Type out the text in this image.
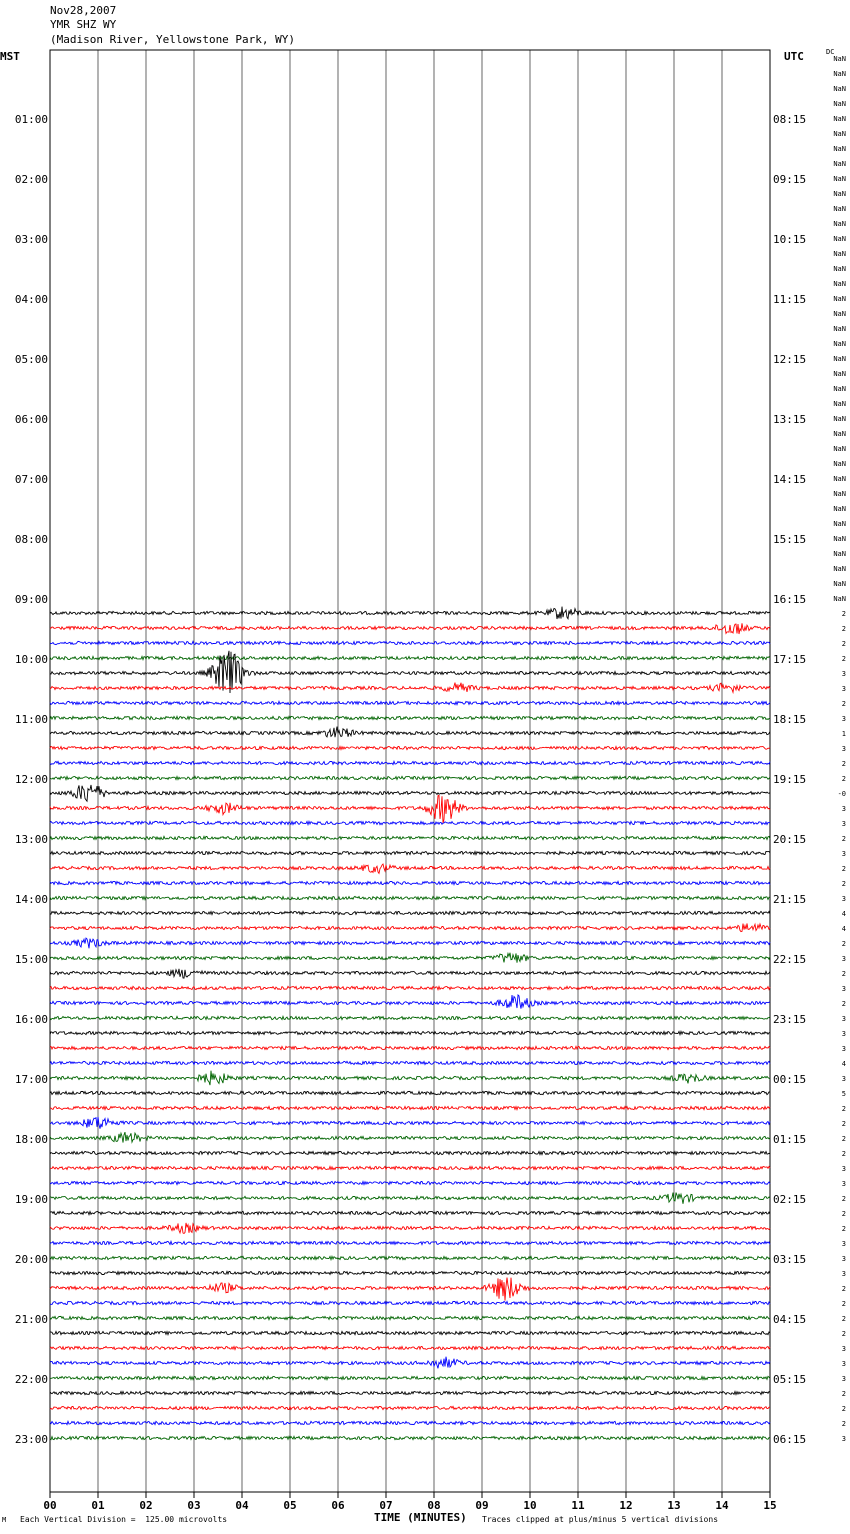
Nov28,2007
YMR SHZ WY
(Madison River, Yellowstone Park, WY)
MST	UTC	DC
00	01	02	03	04	05	06	07	08	09	10	11	12	13	14	15
01:00
02:00
03:00
04:00
05:00
06:00
07:00
08:00
09:00
10:00
11:00
12:00
13:00
14:00
15:00
16:00
17:00
18:00
19:00
20:00
21:00
22:00
23:00
08:15
09:15
10:15
11:15
12:15
13:15
14:15
15:15
16:15
17:15
18:15
19:15
20:15
21:15
22:15
23:15
00:15
01:15
02:15
03:15
04:15
05:15
06:15
NaN
NaN
NaN
NaN
NaN
NaN
NaN
NaN
NaN
NaN
NaN
NaN
NaN
NaN
NaN
NaN
NaN
NaN
NaN
NaN
NaN
NaN
NaN
NaN
NaN
NaN
NaN
NaN
NaN
NaN
NaN
NaN
NaN
NaN
NaN
NaN
NaN
2
2
2
2
3
3
2
3
1
3
2
2
-0
3
3
2
3
2
2
3
4
4
2
3
2
3
2
3
3
3
4
3
5
2
2
2
2
3
3
2
2
2
3
3
3
2
2
2
2
3
3
3
2
2
2
3
M Each Vertical Division =  125.00 microvolts	TIME (MINUTES) Traces clipped at plus/minus 5 vertical divisions
